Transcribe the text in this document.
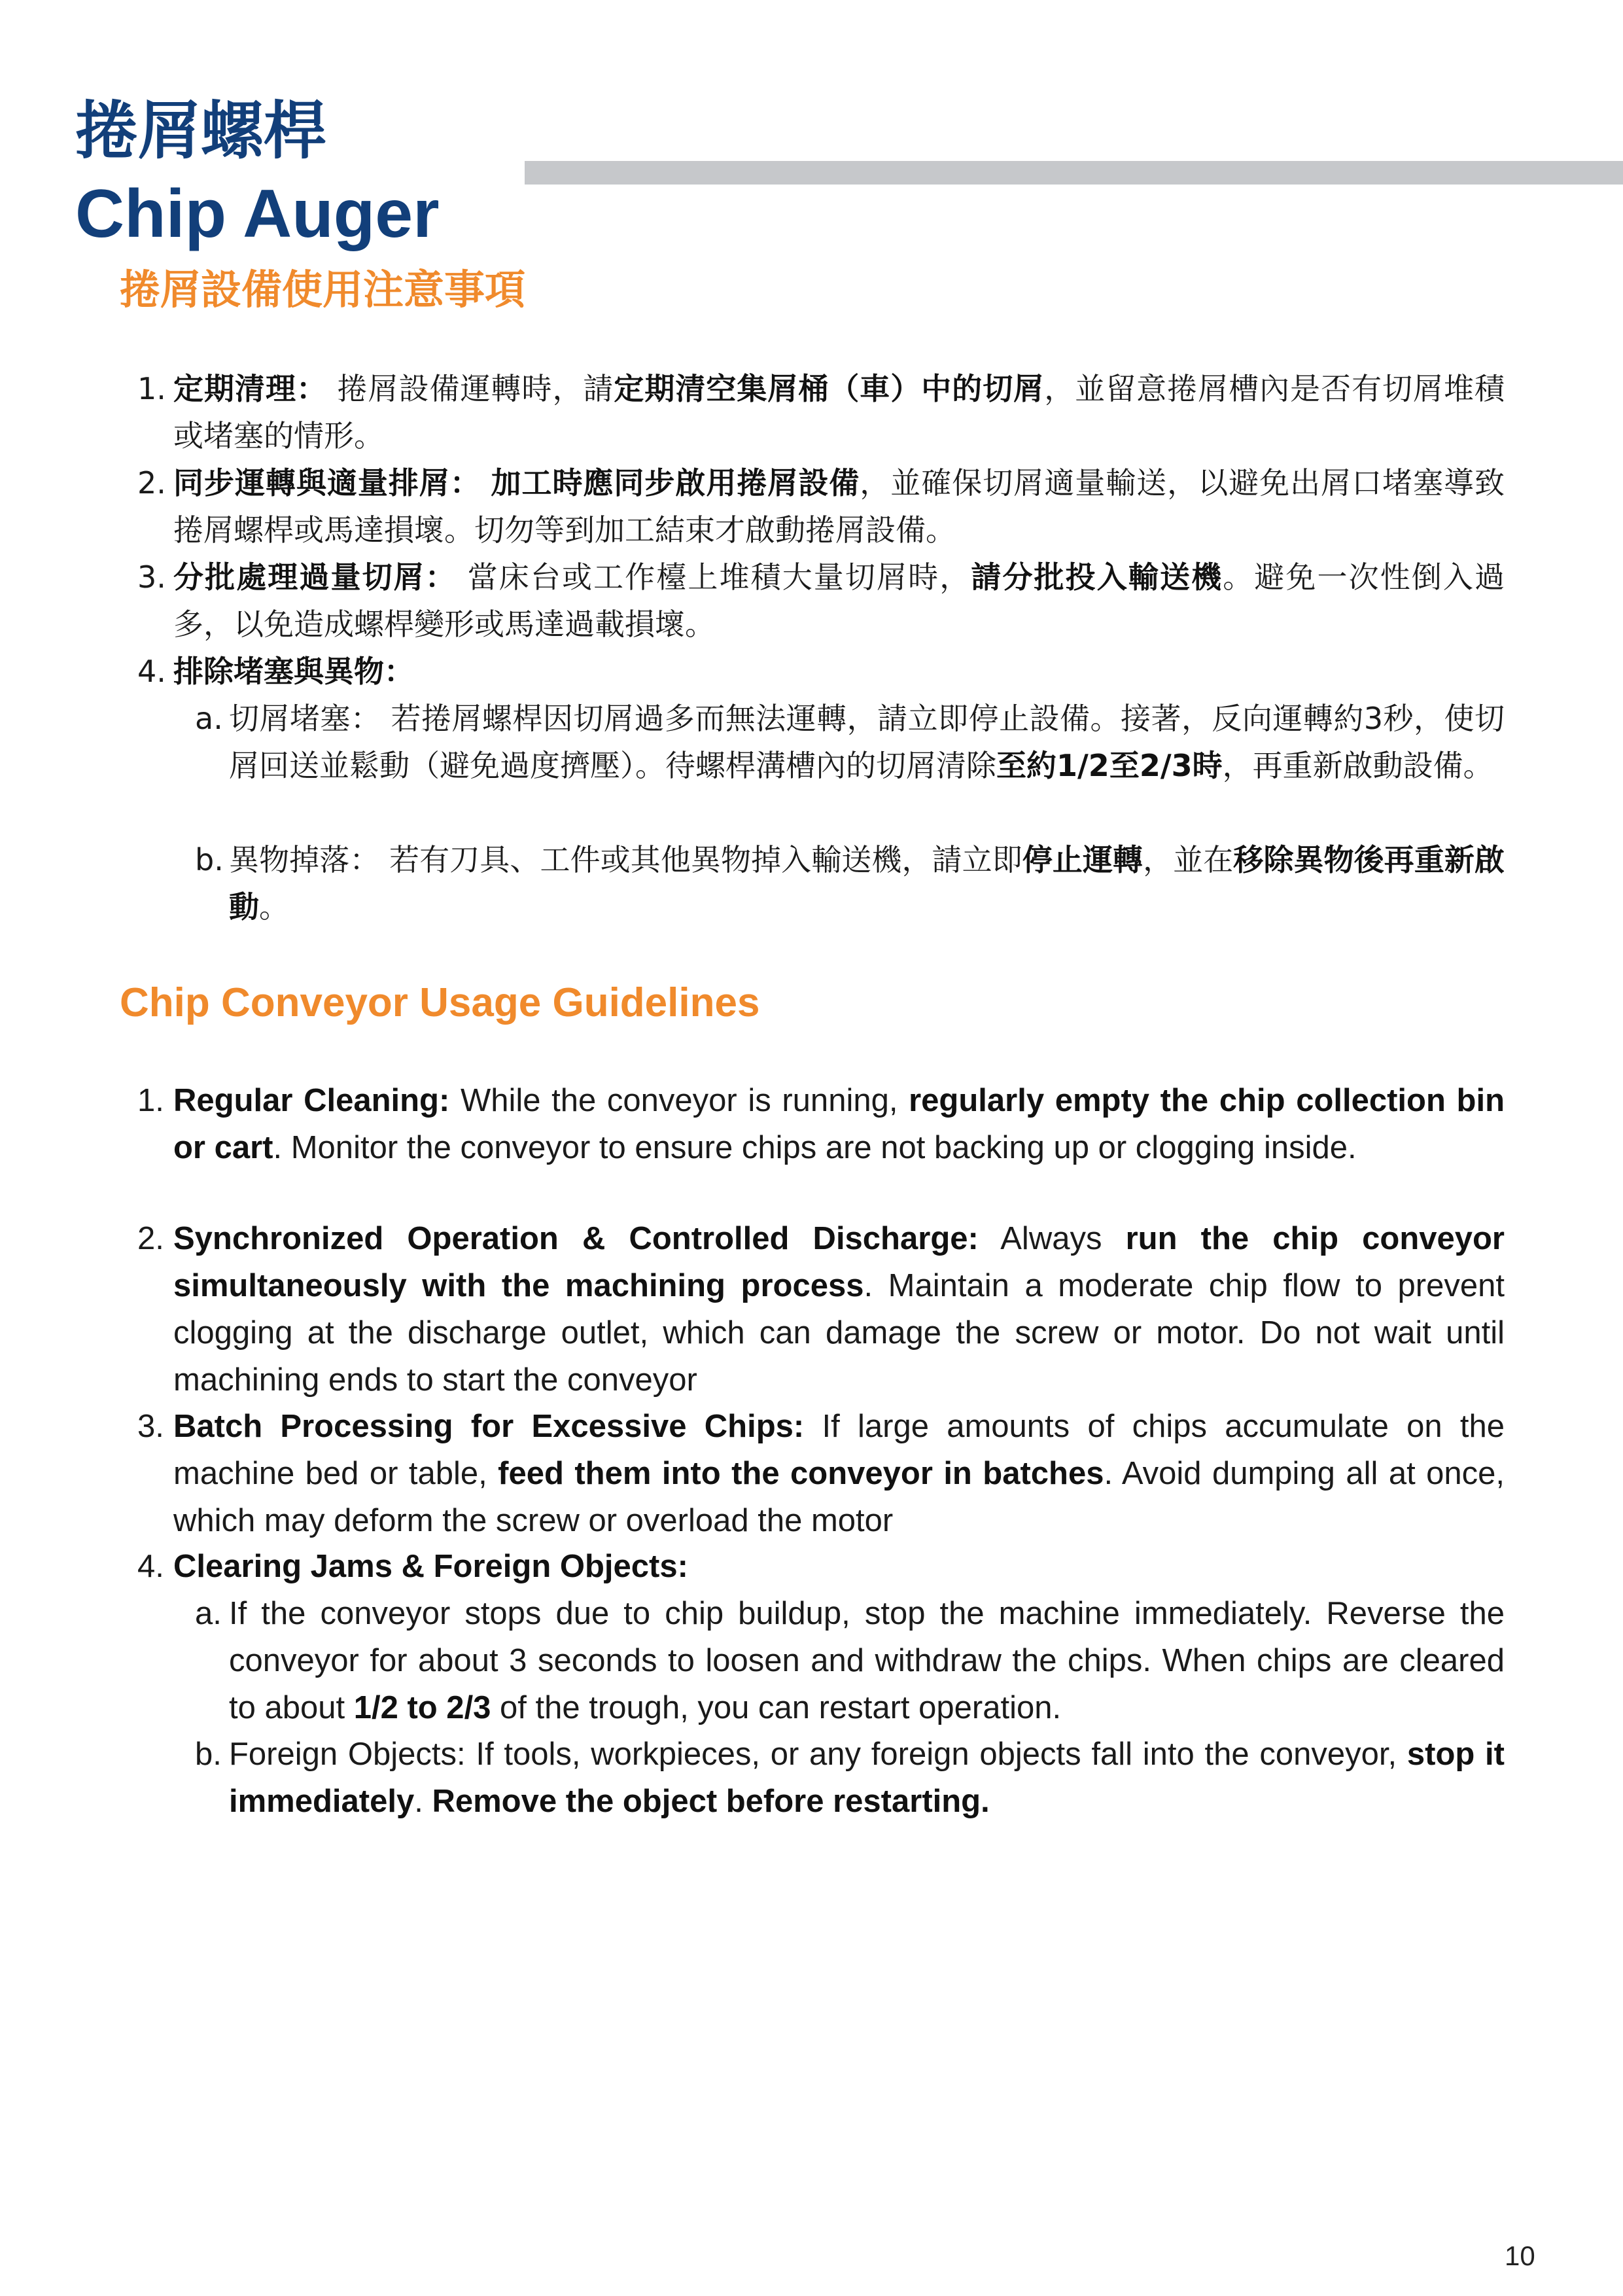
捲屑螺桿
Chip Auger
捲屑設備使用注意事項
1. 定期清理： 捲屑設備運轉時，請定期清空集屑桶（車）中的切屑，並留意捲屑槽內是否有切屑堆積或堵塞的情形。
2. 同步運轉與適量排屑： 加工時應同步啟用捲屑設備，並確保切屑適量輸送，以避免出屑口堵塞導致捲屑螺桿或馬達損壞。切勿等到加工結束才啟動捲屑設備。
3. 分批處理過量切屑： 當床台或工作檯上堆積大量切屑時，請分批投入輸送機。避免一次性倒入過多，以免造成螺桿變形或馬達過載損壞。
4. 排除堵塞與異物：
a. 切屑堵塞： 若捲屑螺桿因切屑過多而無法運轉，請立即停止設備。接著，反向運轉約3秒，使切屑回送並鬆動（避免過度擠壓）。待螺桿溝槽內的切屑清除至約1/2至2/3時，再重新啟動設備。
b. 異物掉落： 若有刀具、工件或其他異物掉入輸送機，請立即停止運轉，並在移除異物後再重新啟動。
Chip Conveyor Usage Guidelines
1. Regular Cleaning: While the conveyor is running, regularly empty the chip collection bin or cart. Monitor the conveyor to ensure chips are not backing up or clogging inside.
2. Synchronized Operation & Controlled Discharge: Always run the chip conveyor simultaneously with the machining process. Maintain a moderate chip flow to prevent clogging at the discharge outlet, which can damage the screw or motor. Do not wait until machining ends to start the conveyor
3. Batch Processing for Excessive Chips: If large amounts of chips accumulate on the machine bed or table, feed them into the conveyor in batches. Avoid dumping all at once, which may deform the screw or overload the motor
4. Clearing Jams & Foreign Objects:
a. If the conveyor stops due to chip buildup, stop the machine immediately. Reverse the conveyor for about 3 seconds to loosen and withdraw the chips. When chips are cleared to about 1/2 to 2/3 of the trough, you can restart operation.
b. Foreign Objects: If tools, workpieces, or any foreign objects fall into the conveyor, stop it immediately. Remove the object before restarting.
10
